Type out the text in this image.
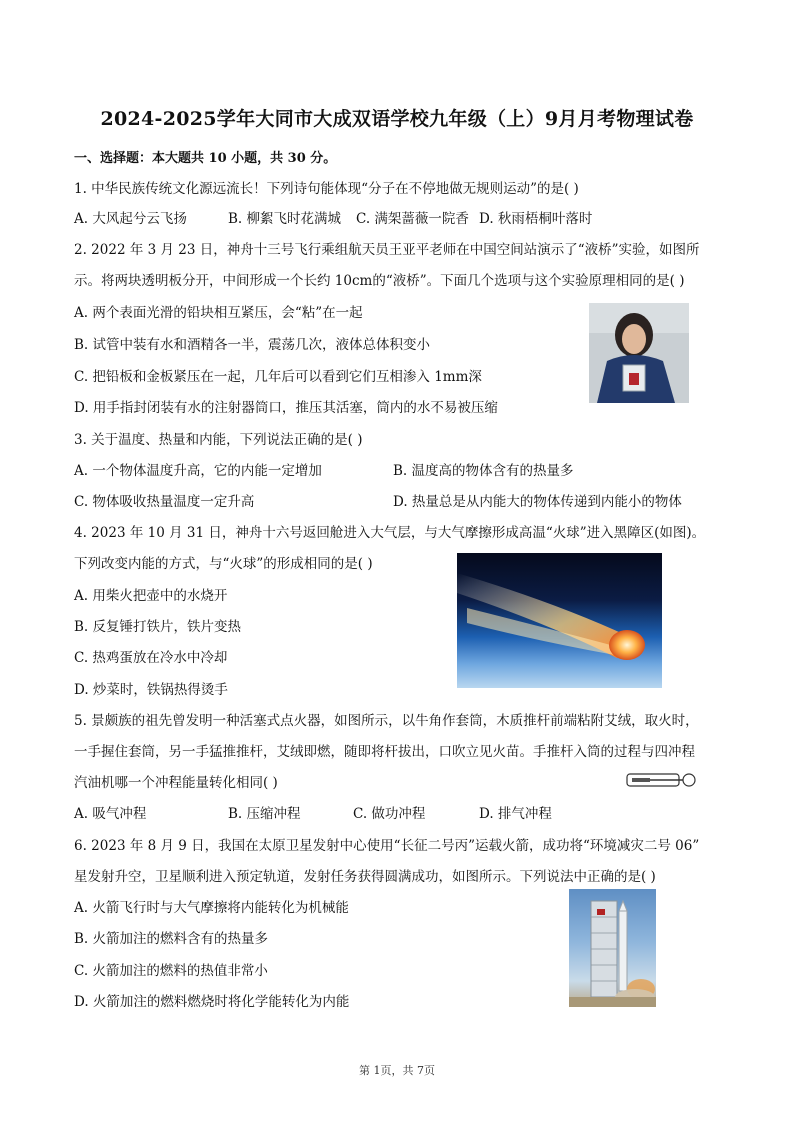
2024-2025学年大同市大成双语学校九年级（上）9月月考物理试卷
一、选择题：本大题共 10 小题，共 30 分。
1. 中华民族传统文化源远流长！下列诗句能体现“分子在不停地做无规则运动”的是( )
A. 大风起兮云飞扬	B. 柳絮飞时花满城 C. 满架蔷薇一院香 D. 秋雨梧桐叶落时
2. 2022 年 3 月 23 日，神舟十三号飞行乘组航天员王亚平老师在中国空间站演示了“液桥”实验，如图所
示。将两块透明板分开，中间形成一个长约 10cm的“液桥”。下面几个选项与这个实验原理相同的是( )
A. 两个表面光滑的铅块相互紧压，会“粘”在一起
B. 试管中装有水和酒精各一半，震荡几次，液体总体积变小
C. 把铅板和金板紧压在一起，几年后可以看到它们互相渗入 1mm深
D. 用手指封闭装有水的注射器筒口，推压其活塞，筒内的水不易被压缩
3. 关于温度、热量和内能，下列说法正确的是( )
A. 一个物体温度升高，它的内能一定增加	B. 温度高的物体含有的热量多
C. 物体吸收热量温度一定升高	D. 热量总是从内能大的物体传递到内能小的物体
4. 2023 年 10 月 31 日，神舟十六号返回舱进入大气层，与大气摩擦形成高温“火球”进入黑障区(如图)。
下列改变内能的方式，与“火球”的形成相同的是( )
A. 用柴火把壶中的水烧开
B. 反复锤打铁片，铁片变热
C. 热鸡蛋放在冷水中冷却
D. 炒菜时，铁锅热得烫手
5. 景颇族的祖先曾发明一种活塞式点火器，如图所示，以牛角作套筒，木质推杆前端粘附艾绒，取火时，
一手握住套筒，另一手猛推推杆，艾绒即燃，随即将杆拔出，口吹立见火苗。手推杆入筒的过程与四冲程
汽油机哪一个冲程能量转化相同( )
A. 吸气冲程	B. 压缩冲程	C. 做功冲程	D. 排气冲程
6. 2023 年 8 月 9 日，我国在太原卫星发射中心使用“长征二号丙”运载火箭，成功将“环境减灾二号 06”
星发射升空，卫星顺利进入预定轨道，发射任务获得圆满成功，如图所示。下列说法中正确的是( )
A. 火箭飞行时与大气摩擦将内能转化为机械能
B. 火箭加注的燃料含有的热量多
C. 火箭加注的燃料的热值非常小
D. 火箭加注的燃料燃烧时将化学能转化为内能
第 1页，共 7页
